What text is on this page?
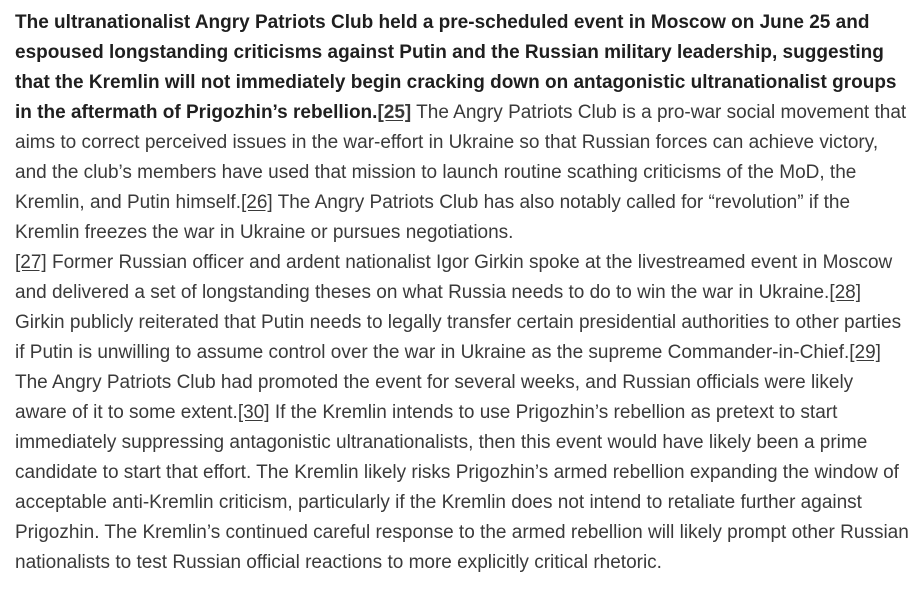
The ultranationalist Angry Patriots Club held a pre-scheduled event in Moscow on June 25 and espoused longstanding criticisms against Putin and the Russian military leadership, suggesting that the Kremlin will not immediately begin cracking down on antagonistic ultranationalist groups in the aftermath of Prigozhin’s rebellion.[25] The Angry Patriots Club is a pro-war social movement that aims to correct perceived issues in the war-effort in Ukraine so that Russian forces can achieve victory, and the club’s members have used that mission to launch routine scathing criticisms of the MoD, the Kremlin, and Putin himself.[26] The Angry Patriots Club has also notably called for “revolution” if the Kremlin freezes the war in Ukraine or pursues negotiations.
[27] Former Russian officer and ardent nationalist Igor Girkin spoke at the livestreamed event in Moscow and delivered a set of longstanding theses on what Russia needs to do to win the war in Ukraine.[28] Girkin publicly reiterated that Putin needs to legally transfer certain presidential authorities to other parties if Putin is unwilling to assume control over the war in Ukraine as the supreme Commander-in-Chief.[29] The Angry Patriots Club had promoted the event for several weeks, and Russian officials were likely aware of it to some extent.[30] If the Kremlin intends to use Prigozhin’s rebellion as pretext to start immediately suppressing antagonistic ultranationalists, then this event would have likely been a prime candidate to start that effort. The Kremlin likely risks Prigozhin’s armed rebellion expanding the window of acceptable anti-Kremlin criticism, particularly if the Kremlin does not intend to retaliate further against Prigozhin. The Kremlin’s continued careful response to the armed rebellion will likely prompt other Russian nationalists to test Russian official reactions to more explicitly critical rhetoric.
